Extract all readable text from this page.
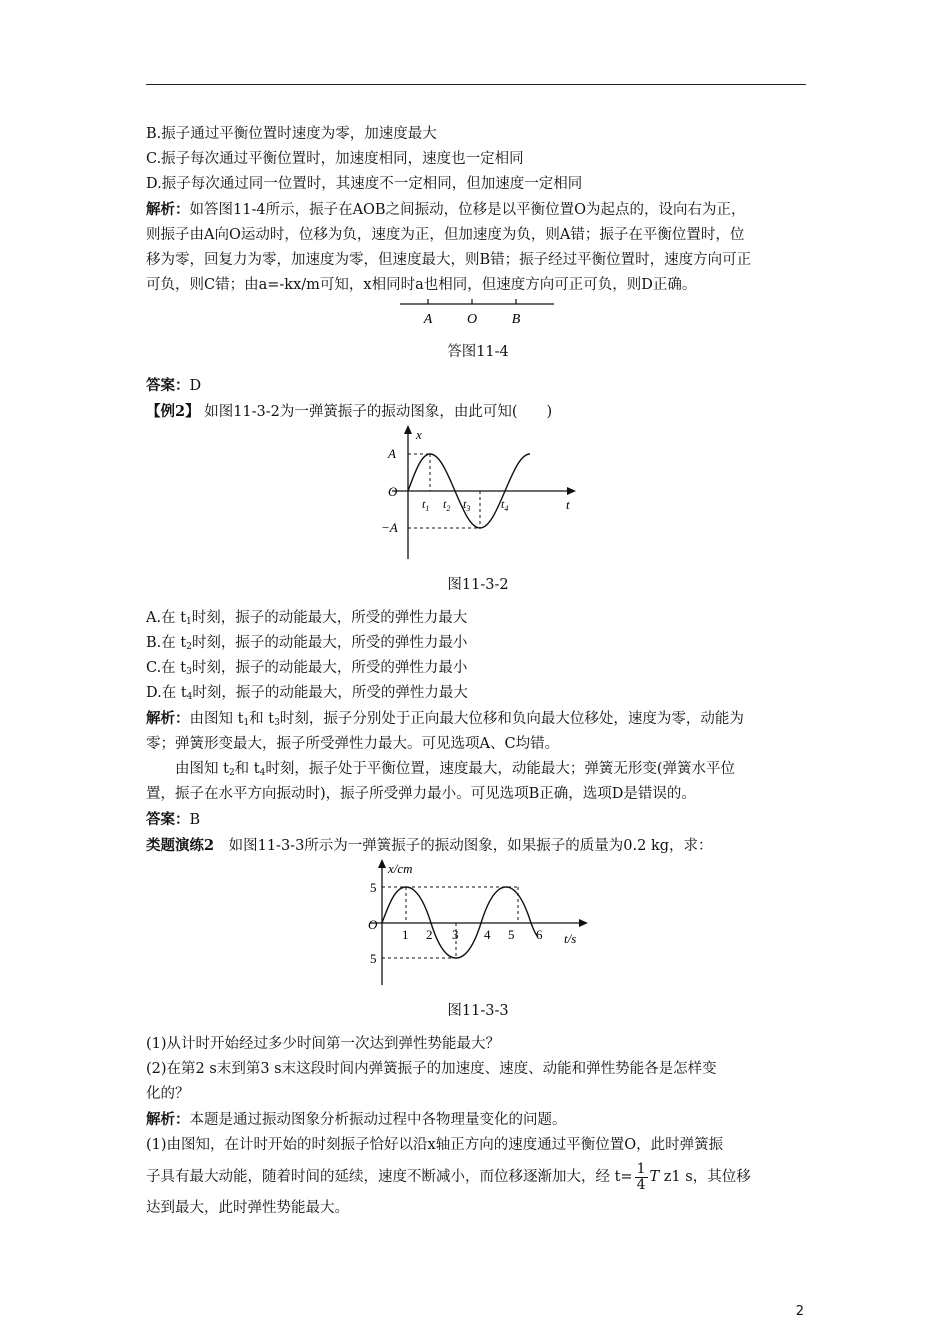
B.振子通过平衡位置时速度为零，加速度最大
C.振子每次通过平衡位置时，加速度相同，速度也一定相同
D.振子每次通过同一位置时，其速度不一定相同，但加速度一定相同
解析：如答图11-4所示，振子在AOB之间振动，位移是以平衡位置O为起点的，设向右为正，
则振子由A向O运动时，位移为负，速度为正，但加速度为负，则A错；振子在平衡位置时，位
移为零，回复力为零，加速度为零，但速度最大，则B错；振子经过平衡位置时，速度方向可正
可负，则C错；由a=-kx/m可知，x相同时a也相同，但速度方向可正可负，则D正确。
A O B
答图11-4
答案：D
【例2】 如图11-3-2为一弹簧振子的振动图象，由此可知(　　)
x
t
O
A
−A
$t_1$ $t_2$ $t_3$	$t_4$
图11-3-2
A.在 $t_1$时刻，振子的动能最大，所受的弹性力最大
B.在 $t_2$时刻，振子的动能最大，所受的弹性力最小
C.在 $t_3$时刻，振子的动能最大，所受的弹性力最小
D.在 $t_4$时刻，振子的动能最大，所受的弹性力最大
解析：由图知 $t_1$和 $t_3$时刻，振子分别处于正向最大位移和负向最大位移处，速度为零，动能为
零；弹簧形变最大，振子所受弹性力最大。可见选项A、C均错。
由图知 $t_2$和 $t_4$时刻，振子处于平衡位置，速度最大，动能最大；弹簧无形变(弹簧水平位
置，振子在水平方向振动时)，振子所受弹力最小。可见选项B正确，选项D是错误的。
答案：B
类题演练2　如图11-3-3所示为一弹簧振子的振动图象，如果振子的质量为0.2 kg，求：
x/cm
t/s
O
5
5
1 2 3 4 5 6
图11-3-3
(1)从计时开始经过多少时间第一次达到弹性势能最大？
(2)在第2 s末到第3 s末这段时间内弹簧振子的加速度、速度、动能和弹性势能各是怎样变
化的？
解析：本题是通过振动图象分析振动过程中各物理量变化的问题。
(1)由图知，在计时开始的时刻振子恰好以沿x轴正方向的速度通过平衡位置O，此时弹簧振
子具有最大动能，随着时间的延续，速度不断减小，而位移逐渐加大，经 $t= \frac{1}{4}$ T z1 s，其位移
达到最大，此时弹性势能最大。
2
